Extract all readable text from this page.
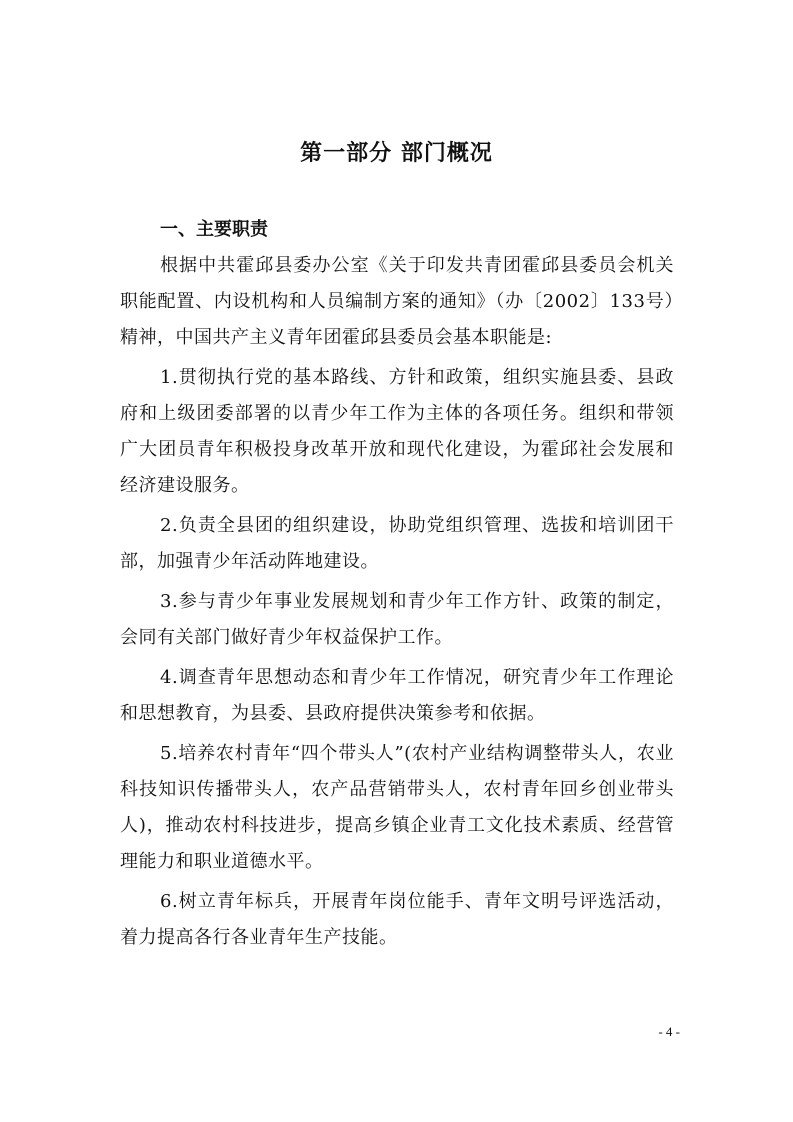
第一部分 部门概况

一、主要职责

根据中共霍邱县委办公室《关于印发共青团霍邱县委员会机关职能配置、内设机构和人员编制方案的通知》（办〔2002〕133号）精神，中国共产主义青年团霍邱县委员会基本职能是:

1.贯彻执行党的基本路线、方针和政策，组织实施县委、县政府和上级团委部署的以青少年工作为主体的各项任务。组织和带领广大团员青年积极投身改革开放和现代化建设，为霍邱社会发展和经济建设服务。

2.负责全县团的组织建设，协助党组织管理、选拔和培训团干部，加强青少年活动阵地建设。

3.参与青少年事业发展规划和青少年工作方针、政策的制定，会同有关部门做好青少年权益保护工作。

4.调查青年思想动态和青少年工作情况，研究青少年工作理论和思想教育，为县委、县政府提供决策参考和依据。

5.培养农村青年“四个带头人”(农村产业结构调整带头人，农业科技知识传播带头人，农产品营销带头人，农村青年回乡创业带头人)，推动农村科技进步，提高乡镇企业青工文化技术素质、经营管理能力和职业道德水平。

6.树立青年标兵，开展青年岗位能手、青年文明号评选活动，着力提高各行各业青年生产技能。

- 4 -
